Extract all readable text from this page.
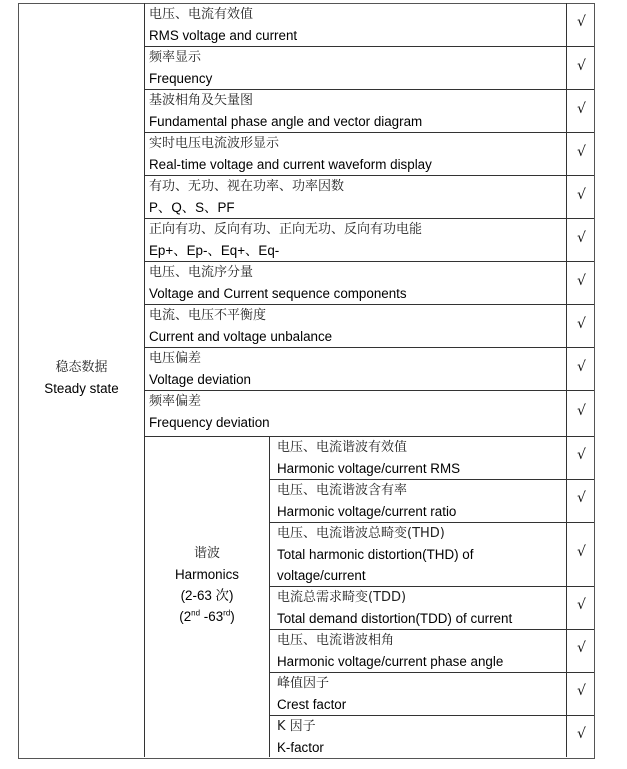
稳态数据
Steady state
电压、电流有效值
RMS voltage and current
√
频率显示
Frequency
√
基波相角及矢量图
Fundamental phase angle and vector diagram
√
实时电压电流波形显示
Real-time voltage and current waveform display
√
有功、无功、视在功率、功率因数
P、Q、S、PF
√
正向有功、反向有功、正向无功、反向有功电能
Ep+、Ep-、Eq+、Eq-
√
电压、电流序分量
Voltage and Current sequence components
√
电流、电压不平衡度
Current and voltage unbalance
√
电压偏差
Voltage deviation
√
频率偏差
Frequency deviation
√
谐波
Harmonics
(2-63 次)
(2nd -63rd)
电压、电流谐波有效值
Harmonic voltage/current RMS
√
电压、电流谐波含有率
Harmonic voltage/current ratio
√
电压、电流谐波总畸变(THD)
Total harmonic distortion(THD) of
voltage/current
√
电流总需求畸变(TDD)
Total demand distortion(TDD) of current
√
电压、电流谐波相角
Harmonic voltage/current phase angle
√
峰值因子
Crest factor
√
K 因子
K-factor
√
